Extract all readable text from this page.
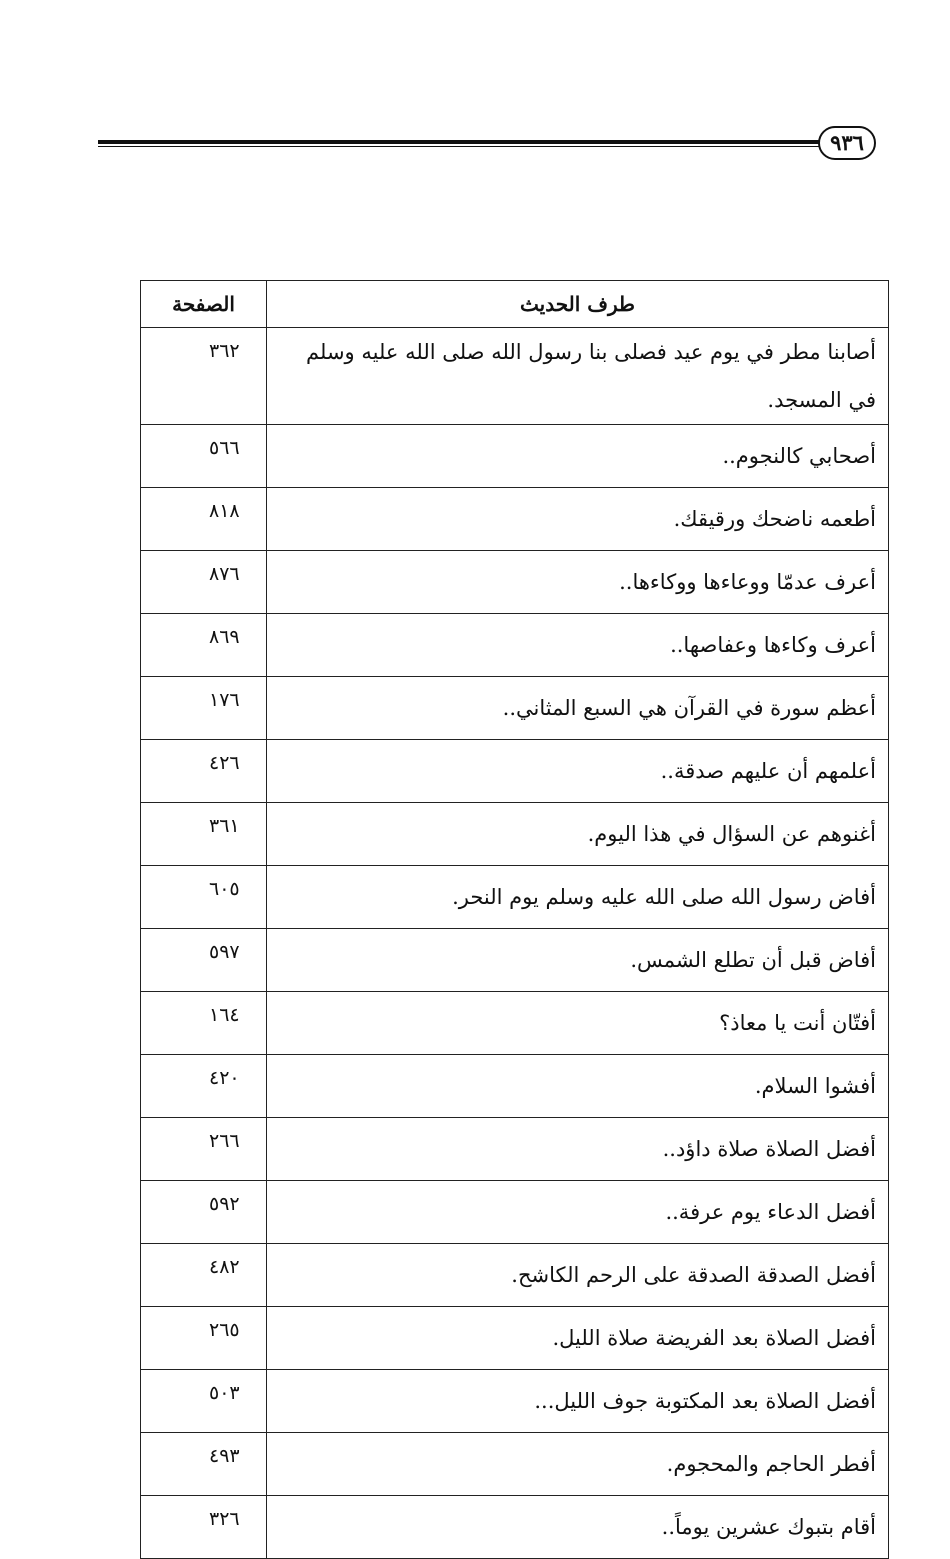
٩٣٦
طرف الحديث	الصفحة
أصابنا مطر في يوم عيد فصلى بنا رسول الله صلى الله عليه وسلم في المسجد.	٣٦٢
أصحابي كالنجوم..	٥٦٦
أطعمه ناضحك ورقيقك.	٨١٨
أعرف عدمّا ووعاءها ووكاءها..	٨٧٦
أعرف وكاءها وعفاصها..	٨٦٩
أعظم سورة في القرآن هي السبع المثاني..	١٧٦
أعلمهم أن عليهم صدقة..	٤٢٦
أغنوهم عن السؤال في هذا اليوم.	٣٦١
أفاض رسول الله صلى الله عليه وسلم يوم النحر.	٦٠٥
أفاض قبل أن تطلع الشمس.	٥٩٧
أفتّان أنت يا معاذ؟	١٦٤
أفشوا السلام.	٤٢٠
أفضل الصلاة صلاة داؤد..	٢٦٦
أفضل الدعاء يوم عرفة..	٥٩٢
أفضل الصدقة الصدقة على الرحم الكاشح.	٤٨٢
أفضل الصلاة بعد الفريضة صلاة الليل.	٢٦٥
أفضل الصلاة بعد المكتوبة جوف الليل...	٥٠٣
أفطر الحاجم والمحجوم.	٤٩٣
أقام بتبوك عشرين يوماً..	٣٢٦
